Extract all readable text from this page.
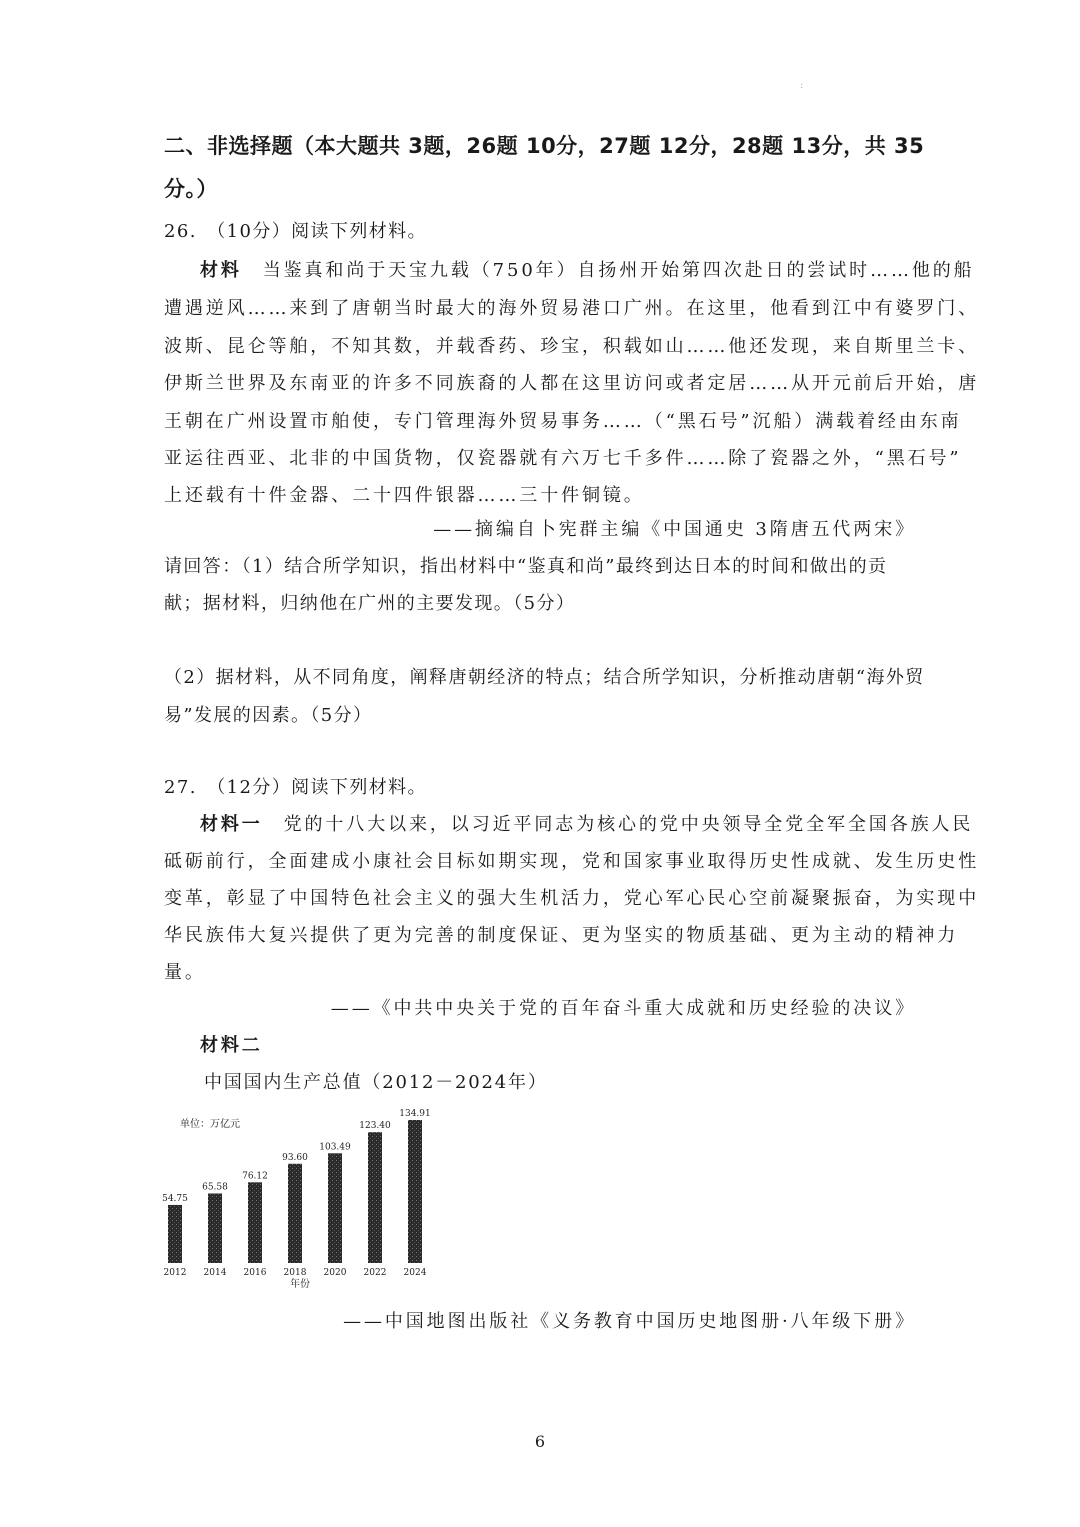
:
二、非选择题（本大题共 3题，26题 10分，27题 12分，28题 13分，共 35
分。）
26.　（10分）阅读下列材料。
材料　 当鉴真和尚于天宝九载（750年）自扬州开始第四次赴日的尝试时……他的船
遭遇逆风……来到了唐朝当时最大的海外贸易港口广州。在这里，他看到江中有婆罗门、
波斯、昆仑等舶，不知其数，并载香药、珍宝，积载如山……他还发现，来自斯里兰卡、
伊斯兰世界及东南亚的许多不同族裔的人都在这里访问或者定居……从开元前后开始，唐
王朝在广州设置市舶使，专门管理海外贸易事务……（“黑石号”沉船）满载着经由东南
亚运往西亚、北非的中国货物，仅瓷器就有六万七千多件……除了瓷器之外，“黑石号”
上还载有十件金器、二十四件银器……三十件铜镜。
——摘编自卜宪群主编《中国通史 3隋唐五代两宋》
请回答：（1）结合所学知识，指出材料中“鉴真和尚”最终到达日本的时间和做出的贡
献；据材料，归纳他在广州的主要发现。（5分）
（2）据材料，从不同角度，阐释唐朝经济的特点；结合所学知识，分析推动唐朝“海外贸
易”发展的因素。（5分）
27.　（12分）阅读下列材料。
材料一　 党的十八大以来，以习近平同志为核心的党中央领导全党全军全国各族人民
砥砺前行，全面建成小康社会目标如期实现，党和国家事业取得历史性成就、发生历史性
变革，彰显了中国特色社会主义的强大生机活力，党心军心民心空前凝聚振奋，为实现中
华民族伟大复兴提供了更为完善的制度保证、更为坚实的物质基础、更为主动的精神力
量。
——《中共中央关于党的百年奋斗重大成就和历史经验的决议》
材料二
中国国内生产总值（2012－2024年）
单位：万亿元
54.75
2012
65.58
2014
76.12
2016
93.60
2018
103.49
2020
123.40
2022
134.91
2024
年份
——中国地图出版社《义务教育中国历史地图册·八年级下册》
6
